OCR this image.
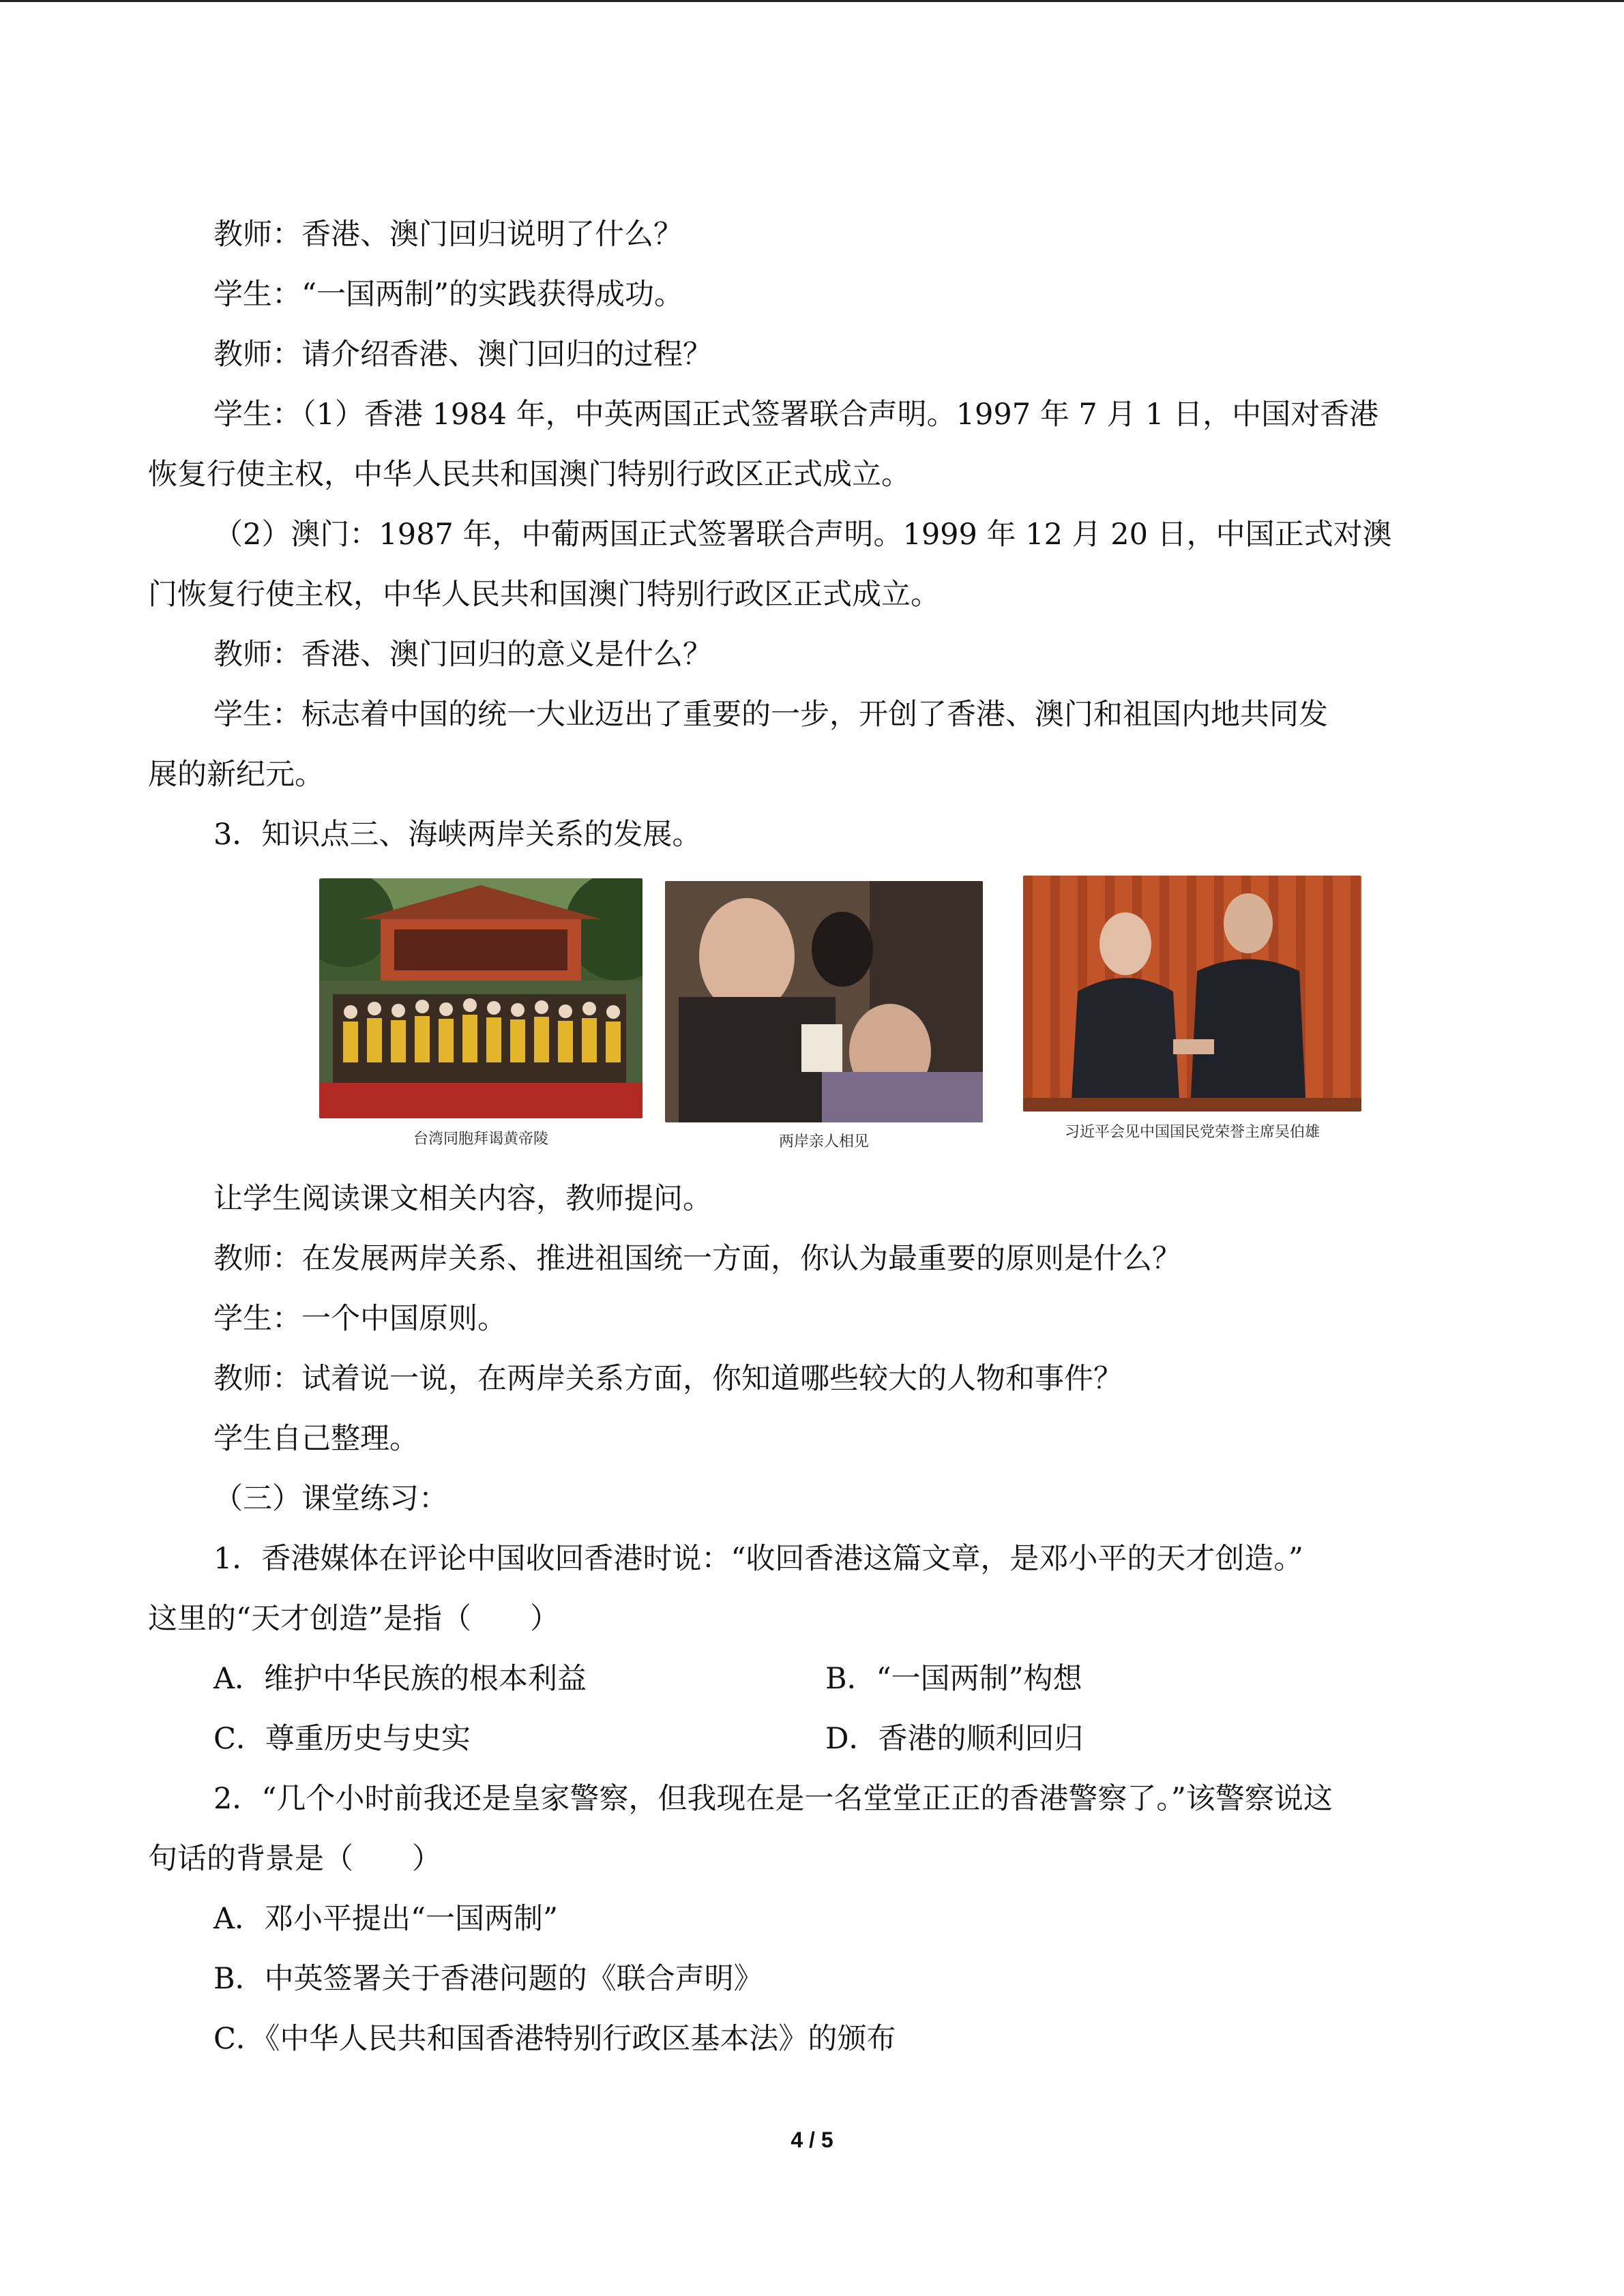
教师：香港、澳门回归说明了什么？
学生：“一国两制”的实践获得成功。
教师：请介绍香港、澳门回归的过程？
学生：（1）香港 1984 年，中英两国正式签署联合声明。1997 年 7 月 1 日，中国对香港
恢复行使主权，中华人民共和国澳门特别行政区正式成立。
（2）澳门：1987 年，中葡两国正式签署联合声明。1999 年 12 月 20 日，中国正式对澳
门恢复行使主权，中华人民共和国澳门特别行政区正式成立。
教师：香港、澳门回归的意义是什么？
学生：标志着中国的统一大业迈出了重要的一步，开创了香港、澳门和祖国内地共同发
展的新纪元。
3．知识点三、海峡两岸关系的发展。
台湾同胞拜谒黄帝陵	两岸亲人相见
习近平会见中国国民党荣誉主席吴伯雄
让学生阅读课文相关内容，教师提问。
教师：在发展两岸关系、推进祖国统一方面，你认为最重要的原则是什么？
学生：一个中国原则。
教师：试着说一说，在两岸关系方面，你知道哪些较大的人物和事件？
学生自己整理。
（三）课堂练习：
1．香港媒体在评论中国收回香港时说：“收回香港这篇文章，是邓小平的天才创造。”
这里的“天才创造”是指（　　）
A．维护中华民族的根本利益	B．“一国两制”构想
C．尊重历史与史实	D．香港的顺利回归
2．“几个小时前我还是皇家警察，但我现在是一名堂堂正正的香港警察了。”该警察说这
句话的背景是（　　）
A．邓小平提出“一国两制”
B．中英签署关于香港问题的《联合声明》
C．《中华人民共和国香港特别行政区基本法》的颁布
4 / 5
